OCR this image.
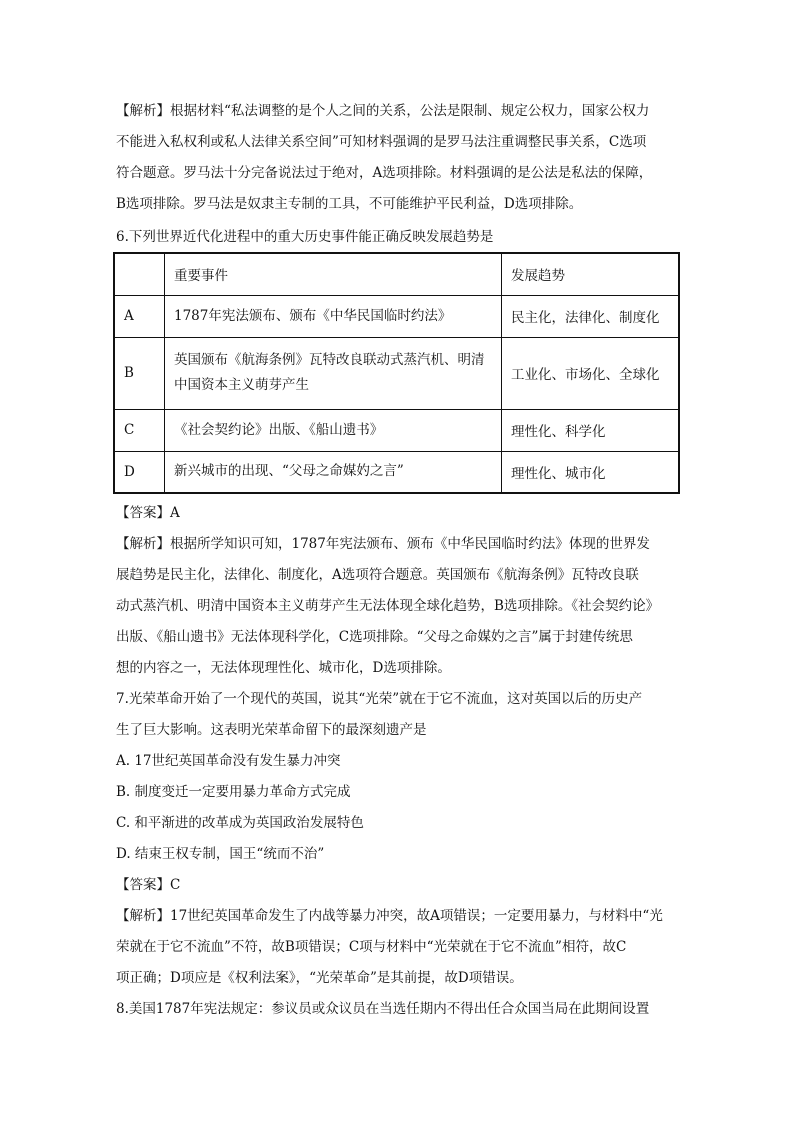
【解析】根据材料“私法调整的是个人之间的关系，公法是限制、规定公权力，国家公权力

不能进入私权利或私人法律关系空间”可知材料强调的是罗马法注重调整民事关系，C选项

符合题意。罗马法十分完备说法过于绝对，A选项排除。材料强调的是公法是私法的保障，

B选项排除。罗马法是奴隶主专制的工具，不可能维护平民利益，D选项排除。

6.下列世界近代化进程中的重大历史事件能正确反映发展趋势是

	重要事件	发展趋势
A	1787年宪法颁布、颁布《中华民国临时约法》	民主化，法律化、制度化
B	英国颁布《航海条例》瓦特改良联动式蒸汽机、明清
中国资本主义萌芽产生	工业化、市场化、全球化
C	《社会契约论》出版、《船山遗书》	理性化、科学化
D	新兴城市的出现、“父母之命媒妁之言”	理性化、城市化

【答案】A

【解析】根据所学知识可知，1787年宪法颁布、颁布《中华民国临时约法》体现的世界发

展趋势是民主化，法律化、制度化，A选项符合题意。英国颁布《航海条例》瓦特改良联

动式蒸汽机、明清中国资本主义萌芽产生无法体现全球化趋势，B选项排除。《社会契约论》

出版、《船山遗书》无法体现科学化，C选项排除。“父母之命媒妁之言”属于封建传统思

想的内容之一，无法体现理性化、城市化，D选项排除。

7.光荣革命开始了一个现代的英国，说其“光荣”就在于它不流血，这对英国以后的历史产

生了巨大影响。这表明光荣革命留下的最深刻遗产是

A. 17世纪英国革命没有发生暴力冲突

B. 制度变迁一定要用暴力革命方式完成

C. 和平渐进的改革成为英国政治发展特色

D. 结束王权专制，国王“统而不治”

【答案】C

【解析】17世纪英国革命发生了内战等暴力冲突，故A项错误；一定要用暴力，与材料中“光

荣就在于它不流血”不符，故B项错误；C项与材料中“光荣就在于它不流血”相符，故C

项正确；D项应是《权利法案》，“光荣革命”是其前提，故D项错误。

8.美国1787年宪法规定：参议员或众议员在当选任期内不得出任合众国当局在此期间设置
